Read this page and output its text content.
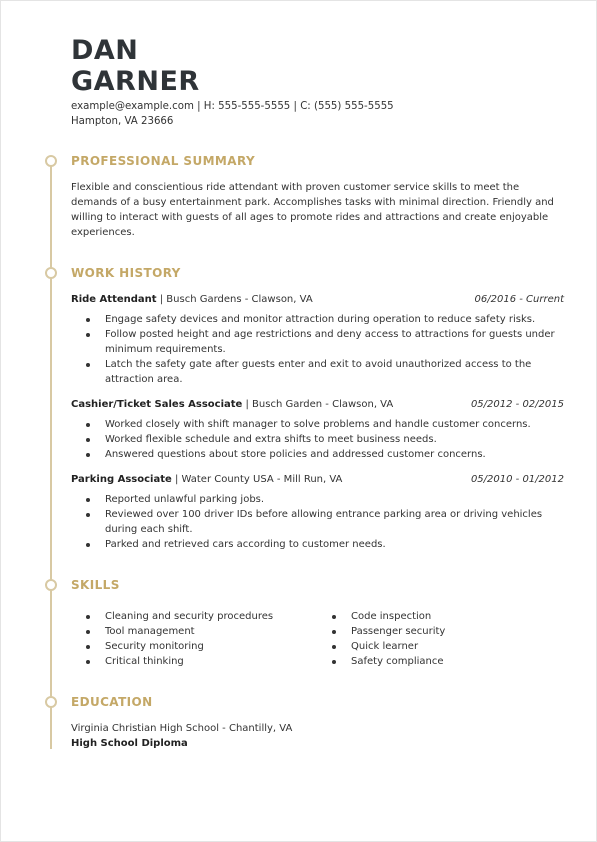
DAN
GARNER
example@example.com | H: 555-555-5555 | C: (555) 555-5555
Hampton, VA 23666
PROFESSIONAL SUMMARY
Flexible and conscientious ride attendant with proven customer service skills to meet the demands of a busy entertainment park. Accomplishes tasks with minimal direction. Friendly and willing to interact with guests of all ages to promote rides and attractions and create enjoyable experiences.
WORK HISTORY
Ride Attendant | Busch Gardens - Clawson, VA	06/2016 - Current
Engage safety devices and monitor attraction during operation to reduce safety risks.
Follow posted height and age restrictions and deny access to attractions for guests under minimum requirements.
Latch the safety gate after guests enter and exit to avoid unauthorized access to the attraction area.
Cashier/Ticket Sales Associate | Busch Garden - Clawson, VA	05/2012 - 02/2015
Worked closely with shift manager to solve problems and handle customer concerns.
Worked flexible schedule and extra shifts to meet business needs.
Answered questions about store policies and addressed customer concerns.
Parking Associate | Water County USA - Mill Run, VA	05/2010 - 01/2012
Reported unlawful parking jobs.
Reviewed over 100 driver IDs before allowing entrance parking area or driving vehicles during each shift.
Parked and retrieved cars according to customer needs.
SKILLS
Cleaning and security procedures
Tool management
Security monitoring
Critical thinking
Code inspection
Passenger security
Quick learner
Safety compliance
EDUCATION
Virginia Christian High School - Chantilly, VA
High School Diploma
